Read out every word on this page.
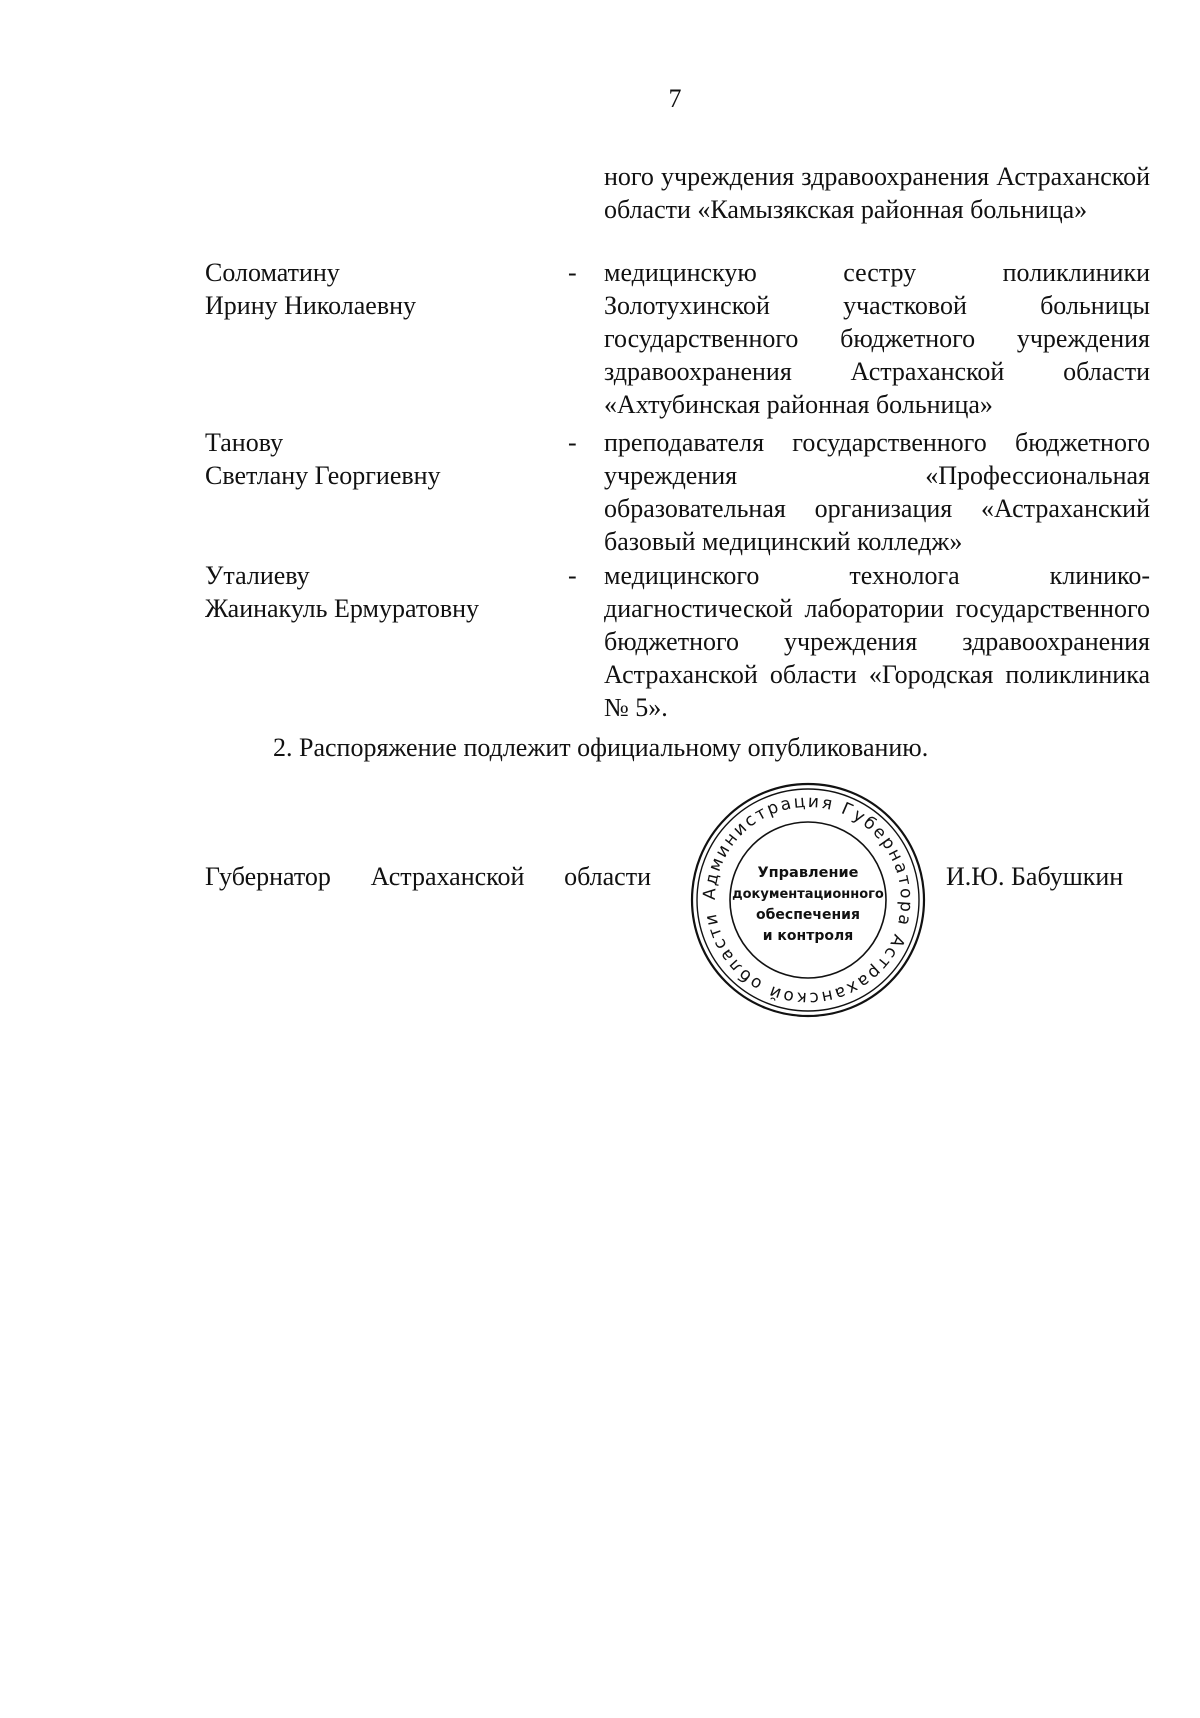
7

ного учреждения здравоохранения Астраханской области «Камызякская районная больница»

Соломатину
Ирину Николаевну
- медицинскую сестру поликлиники Золотухинской участковой больницы государственного бюджетного учреждения здравоохранения Астраханской области «Ахтубинская районная больница»

Танову
Светлану Георгиевну
- преподавателя государственного бюджетного учреждения «Профессиональная образовательная организация «Астраханский базовый медицинский колледж»

Уталиеву
Жаинакуль Ермуратовну
- медицинского технолога клинико-диагностической лаборатории государственного бюджетного учреждения здравоохранения Астраханской области «Городская поликлиника № 5».

2. Распоряжение подлежит официальному опубликованию.
Губернатор Астраханской области
Администрация Губернатора Астраханской области
Управление
документационного
обеспечения
и контроля
И.Ю. Бабушкин
